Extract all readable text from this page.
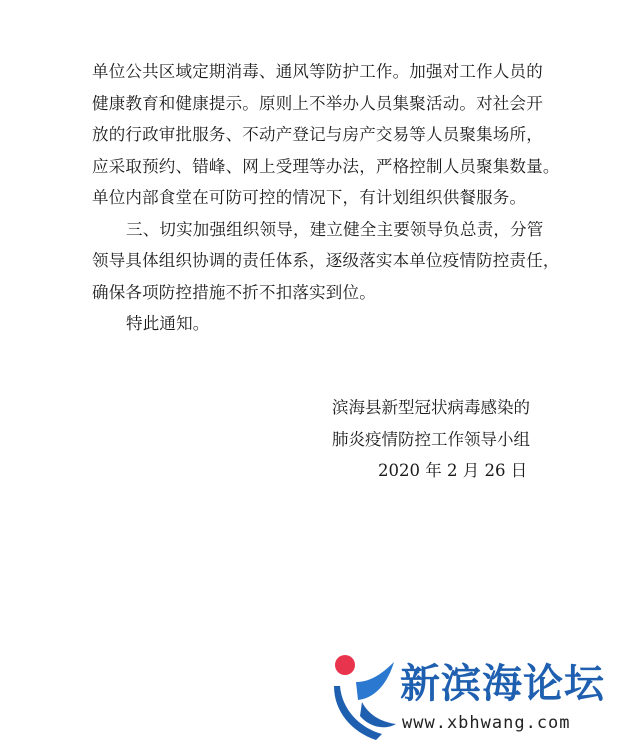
单位公共区域定期消毒、通风等防护工作。加强对工作人员的
健康教育和健康提示。原则上不举办人员集聚活动。对社会开
放的行政审批服务、不动产登记与房产交易等人员聚集场所，
应采取预约、错峰、网上受理等办法，严格控制人员聚集数量。
单位内部食堂在可防可控的情况下，有计划组织供餐服务。
三、切实加强组织领导，建立健全主要领导负总责，分管
领导具体组织协调的责任体系，逐级落实本单位疫情防控责任，
确保各项防控措施不折不扣落实到位。
特此通知。
滨海县新型冠状病毒感染的
肺炎疫情防控工作领导小组
2020 年 2 月 26 日
新滨海论坛
www.xbhwang.com
